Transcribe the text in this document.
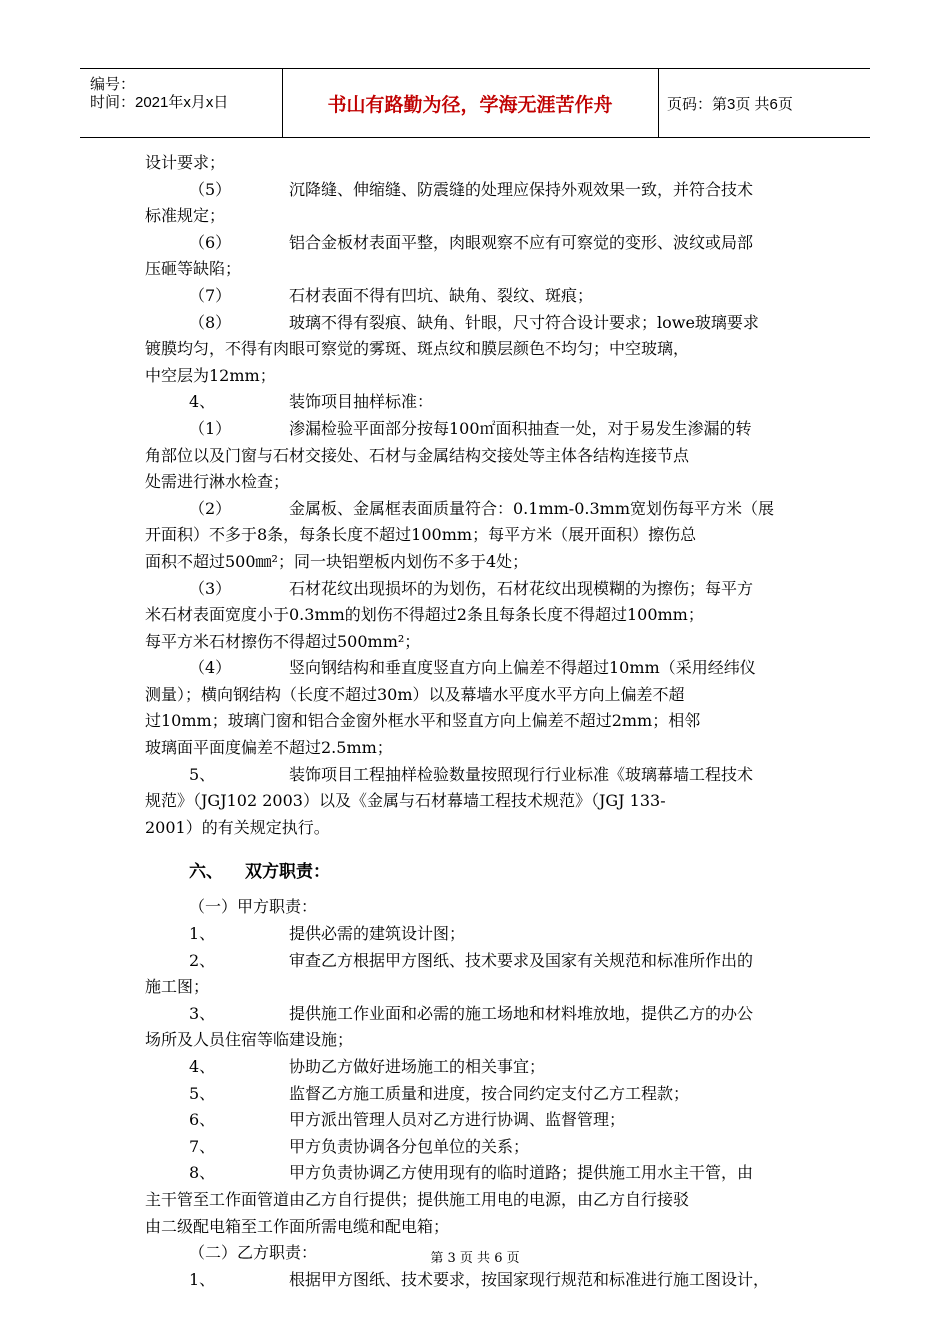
编号：
时间：2021年x月x日	书山有路勤为径，学海无涯苦作舟	页码：第3页 共6页
设计要求；
（5）	沉降缝、伸缩缝、防震缝的处理应保持外观效果一致，并符合技术
标准规定；
（6）	铝合金板材表面平整，肉眼观察不应有可察觉的变形、波纹或局部
压砸等缺陷；
（7）	石材表面不得有凹坑、缺角、裂纹、斑痕；
（8）	玻璃不得有裂痕、缺角、针眼，尺寸符合设计要求；lowe玻璃要求
镀膜均匀，不得有肉眼可察觉的雾斑、斑点纹和膜层颜色不均匀；中空玻璃，
中空层为12mm；
4、	装饰项目抽样标准：
（1）	渗漏检验平面部分按每100㎡面积抽查一处，对于易发生渗漏的转
角部位以及门窗与石材交接处、石材与金属结构交接处等主体各结构连接节点
处需进行淋水检查；
（2）	金属板、金属框表面质量符合：0.1mm-0.3mm宽划伤每平方米（展
开面积）不多于8条，每条长度不超过100mm；每平方米（展开面积）擦伤总
面积不超过500㎜²；同一块铝塑板内划伤不多于4处；
（3）	石材花纹出现损坏的为划伤，石材花纹出现模糊的为擦伤；每平方
米石材表面宽度小于0.3mm的划伤不得超过2条且每条长度不得超过100mm；
每平方米石材擦伤不得超过500mm²；
（4）	竖向钢结构和垂直度竖直方向上偏差不得超过10mm（采用经纬仪
测量）；横向钢结构（长度不超过30m）以及幕墙水平度水平方向上偏差不超
过10mm；玻璃门窗和铝合金窗外框水平和竖直方向上偏差不超过2mm；相邻
玻璃面平面度偏差不超过2.5mm；
5、	装饰项目工程抽样检验数量按照现行行业标准《玻璃幕墙工程技术
规范》（JGJ102 2003）以及《金属与石材幕墙工程技术规范》（JGJ 133-
2001）的有关规定执行。
六、 双方职责：
（一）甲方职责：
1、	提供必需的建筑设计图；
2、	审查乙方根据甲方图纸、技术要求及国家有关规范和标准所作出的
施工图；
3、	提供施工作业面和必需的施工场地和材料堆放地，提供乙方的办公
场所及人员住宿等临建设施；
4、	协助乙方做好进场施工的相关事宜；
5、	监督乙方施工质量和进度，按合同约定支付乙方工程款；
6、	甲方派出管理人员对乙方进行协调、监督管理；
7、	甲方负责协调各分包单位的关系；
8、	甲方负责协调乙方使用现有的临时道路；提供施工用水主干管，由
主干管至工作面管道由乙方自行提供；提供施工用电的电源，由乙方自行接驳
由二级配电箱至工作面所需电缆和配电箱；
（二）乙方职责：
1、	根据甲方图纸、技术要求，按国家现行规范和标准进行施工图设计，
第 3 页 共 6 页
